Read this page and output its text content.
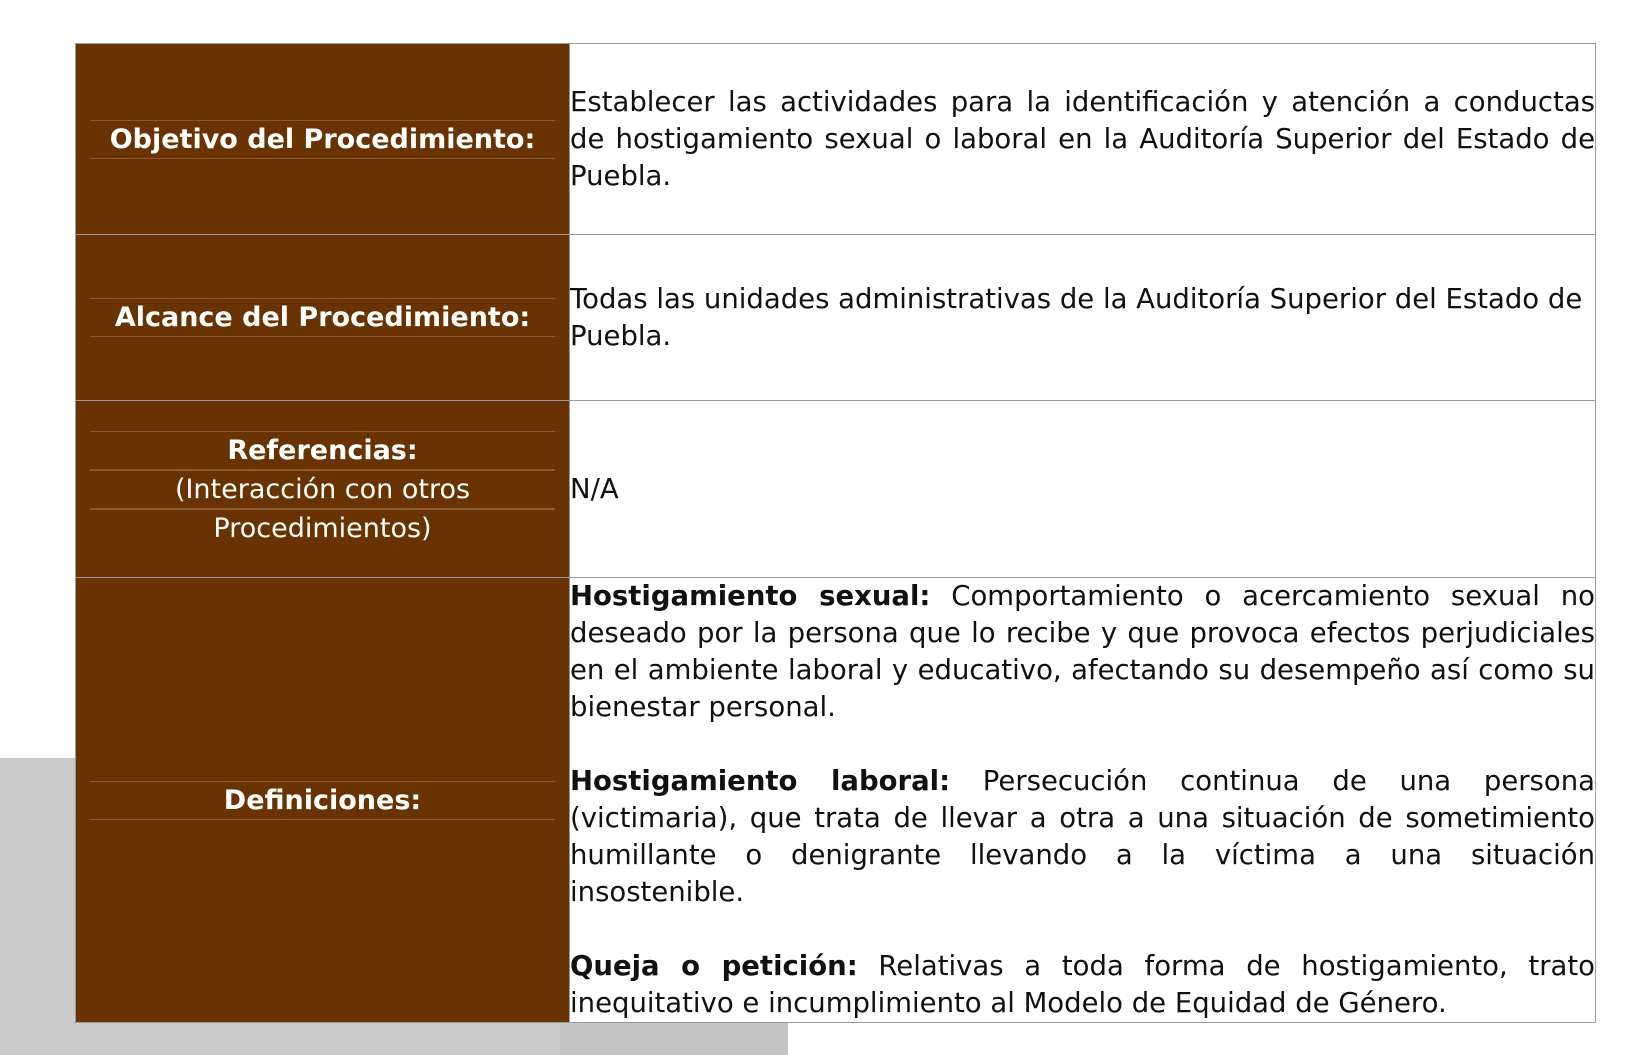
Objetivo del Procedimiento:	Establecer las actividades para la identificación y atención a conductas de hostigamiento sexual o laboral en la Auditoría Superior del Estado de Puebla.

Alcance del Procedimiento:	Todas las unidades administrativas de la Auditoría Superior del Estado de Puebla.

Referencias:
(Interacción con otros
Procedimientos)	N/A

Definiciones:	Hostigamiento sexual: Comportamiento o acercamiento sexual no deseado por la persona que lo recibe y que provoca efectos perjudiciales en el ambiente laboral y educativo, afectando su desempeño así como su bienestar personal.

Hostigamiento laboral: Persecución continua de una persona (victimaria), que trata de llevar a otra a una situación de sometimiento humillante o denigrante llevando a la víctima a una situación insostenible.

Queja o petición: Relativas a toda forma de hostigamiento, trato inequitativo e incumplimiento al Modelo de Equidad de Género.
